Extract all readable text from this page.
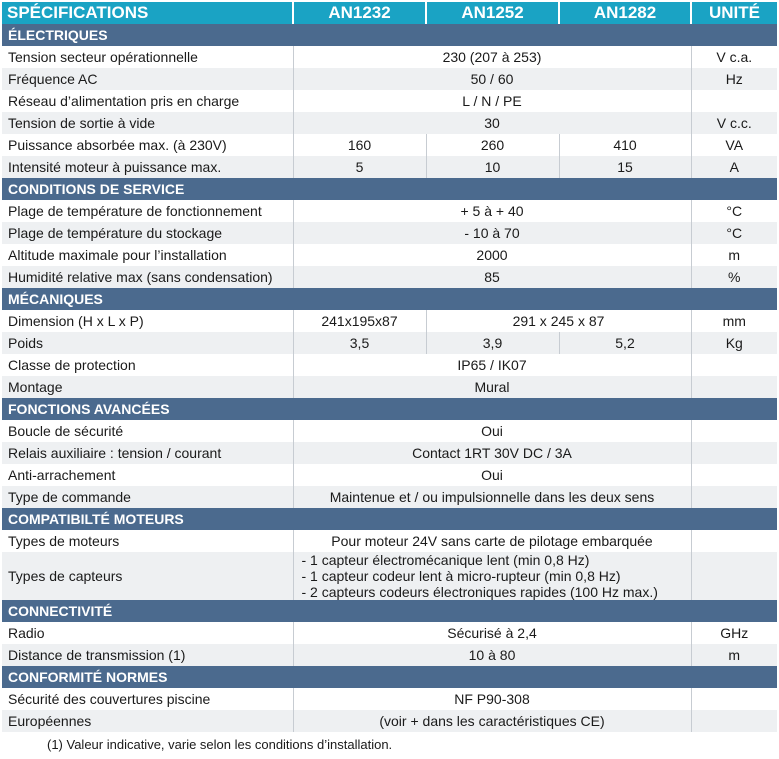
SPÉCIFICATIONS	AN1232	AN1252	AN1282	UNITÉ
ÉLECTRIQUES				
Tension secteur opérationnelle	230 (207 à 253)			V c.a.
Fréquence AC	50 / 60			Hz
Réseau d’alimentation pris en charge	L / N / PE			
Tension de sortie à vide	30			V c.c.
Puissance absorbée max. (à 230V)	160	260	410	VA
Intensité moteur à puissance max.	5	10	15	A
CONDITIONS DE SERVICE				
Plage de température de fonctionnement	+ 5 à + 40			°C
Plage de température du stockage	- 10 à 70			°C
Altitude maximale pour l’installation	2000			m
Humidité relative max (sans condensation)	85			%
MÉCANIQUES				
Dimension (H x L x P)	241x195x87	291 x 245 x 87		mm
Poids	3,5	3,9	5,2	Kg
Classe de protection	IP65 / IK07			
Montage	Mural			
FONCTIONS AVANCÉES				
Boucle de sécurité	Oui			
Relais auxiliaire : tension / courant	Contact 1RT 30V DC / 3A			
Anti-arrachement	Oui			
Type de commande	Maintenue et / ou impulsionnelle dans les deux sens			
COMPATIBILTÉ MOTEURS				
Types de moteurs	Pour moteur 24V sans carte de pilotage embarquée			
Types de capteurs	- 1 capteur électromécanique lent (min 0,8 Hz)
- 1 capteur codeur lent à micro-rupteur (min 0,8 Hz)
- 2 capteurs codeurs électroniques rapides (100 Hz max.)			

CONNECTIVITÉ				
Radio	Sécurisé à 2,4			GHz
Distance de transmission (1)	10 à 80			m
CONFORMITÉ NORMES				
Sécurité des couvertures piscine	NF P90-308			
Européennes	(voir + dans les caractéristiques CE)			
(1) Valeur indicative, varie selon les conditions d’installation.
